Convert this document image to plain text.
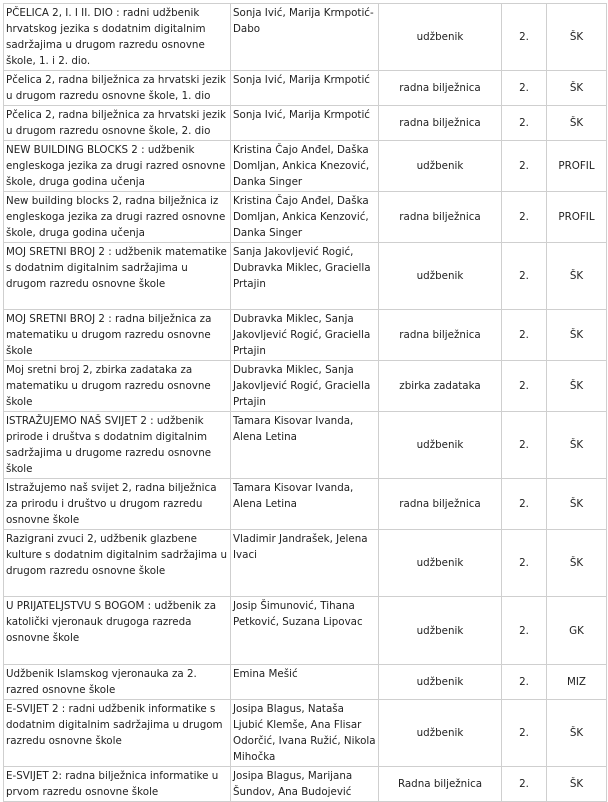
PČELICA 2, I. I II. DIO : radni udžbenik hrvatskog jezika s dodatnim digitalnim sadržajima u drugom razredu osnovne škole, 1. i 2. dio.	Sonja Ivić, Marija Krmpotić-Dabo	udžbenik	2.	ŠK
Pčelica 2, radna bilježnica za hrvatski jezik u drugom razredu osnovne škole, 1. dio	Sonja Ivić, Marija Krmpotić	radna bilježnica	2.	ŠK
Pčelica 2, radna bilježnica za hrvatski jezik u drugom razredu osnovne škole, 2. dio	Sonja Ivić, Marija Krmpotić	radna bilježnica	2.	ŠK
NEW BUILDING BLOCKS 2 : udžbenik engleskoga jezika za drugi razred osnovne škole, druga godina učenja	Kristina Čajo Anđel, Daška Domljan, Ankica Knezović, Danka Singer	udžbenik	2.	PROFIL
New building blocks 2, radna bilježnica iz engleskoga jezika za drugi razred osnovne škole, druga godina učenja	Kristina Čajo Anđel, Daška Domljan, Ankica Kenzović, Danka Singer	radna bilježnica	2.	PROFIL
MOJ SRETNI BROJ 2 : udžbenik matematike s dodatnim digitalnim sadržajima u drugom razredu osnovne škole	Sanja Jakovljević Rogić, Dubravka Miklec, Graciella Prtajin	udžbenik	2.	ŠK
MOJ SRETNI BROJ 2 : radna bilježnica za matematiku u drugom razredu osnovne škole	Dubravka Miklec, Sanja Jakovljević Rogić, Graciella Prtajin	radna bilježnica	2.	ŠK
Moj sretni broj 2, zbirka zadataka za matematiku u drugom razredu osnovne škole	Dubravka Miklec, Sanja Jakovljević Rogić, Graciella Prtajin	zbirka zadataka	2.	ŠK
ISTRAŽUJEMO NAŠ SVIJET 2 : udžbenik prirode i društva s dodatnim digitalnim sadržajima u drugome razredu osnovne škole	Tamara Kisovar Ivanda, Alena Letina	udžbenik	2.	ŠK
Istražujemo naš svijet 2, radna bilježnica za prirodu i društvo u drugom razredu osnovne škole	Tamara Kisovar Ivanda, Alena Letina	radna bilježnica	2.	ŠK
Razigrani zvuci 2, udžbenik glazbene kulture s dodatnim digitalnim sadržajima u drugom razredu osnovne škole	Vladimir Jandrašek, Jelena Ivaci	udžbenik	2.	ŠK
U PRIJATELJSTVU S BOGOM : udžbenik za katolički vjeronauk drugoga razreda osnovne škole	Josip Šimunović, Tihana Petković, Suzana Lipovac	udžbenik	2.	GK
Udžbenik Islamskog vjeronauka za 2. razred osnovne škole	Emina Mešić	udžbenik	2.	MIZ
E-SVIJET 2 : radni udžbenik informatike s dodatnim digitalnim sadržajima u drugom razredu osnovne škole	Josipa Blagus, Nataša Ljubić Klemše, Ana Flisar Odorčić, Ivana Ružić, Nikola Mihočka	udžbenik	2.	ŠK
E-SVIJET 2: radna bilježnica informatike u prvom razredu osnovne škole	Josipa Blagus, Marijana Šundov, Ana Budojević	Radna bilježnica	2.	ŠK
